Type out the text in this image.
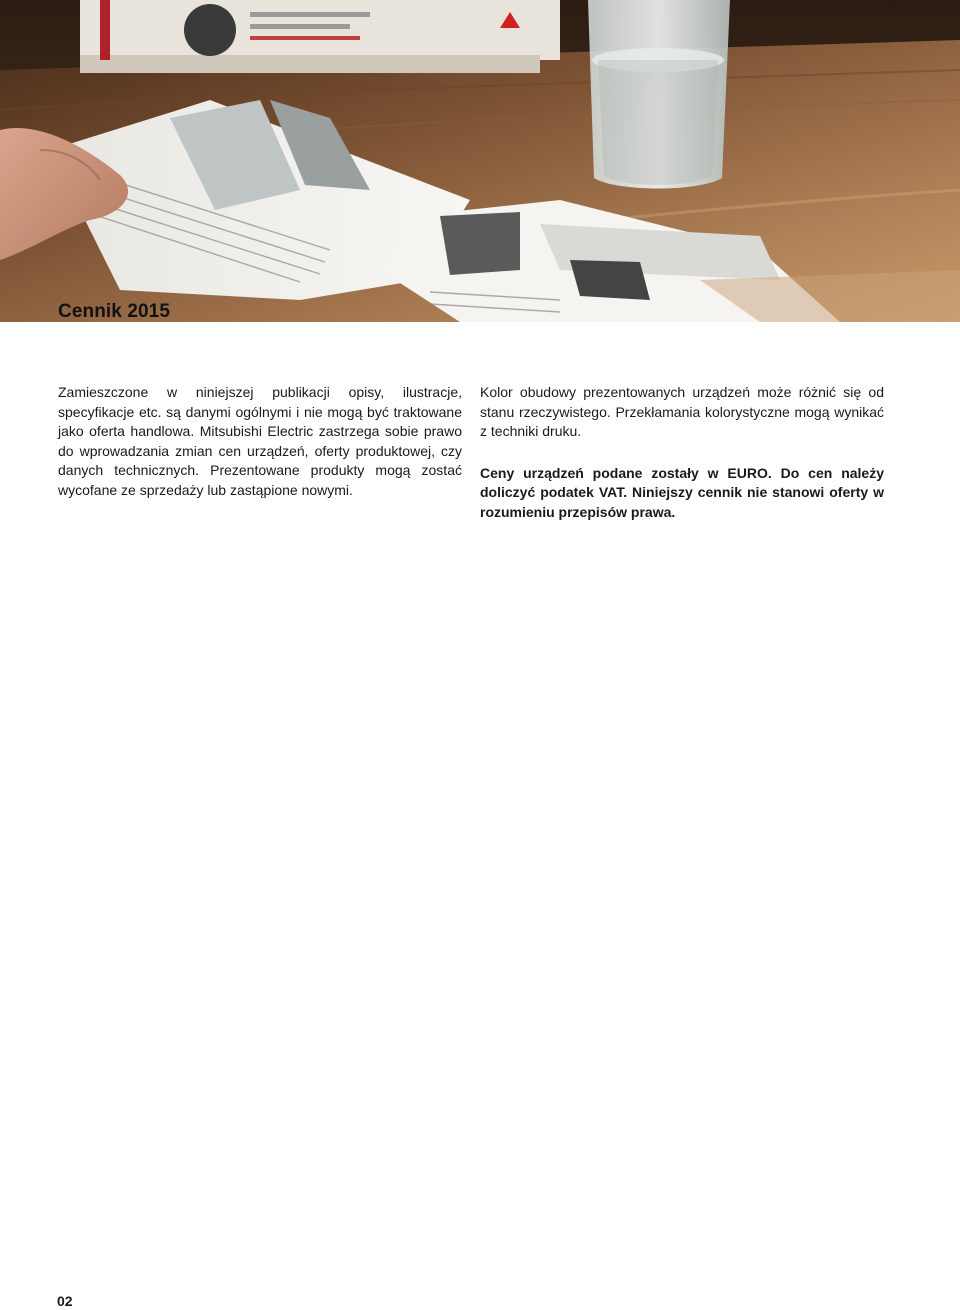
Cennik 2015

Zamieszczone w niniejszej publikacji opisy, ilustracje, specyfikacje etc. są danymi ogólnymi i nie mogą być traktowane jako oferta handlowa. Mitsubishi Electric zastrzega sobie prawo do wprowadzania zmian cen urządzeń, oferty produktowej, czy danych technicznych. Prezentowane produkty mogą zostać wycofane ze sprzedaży lub zastąpione nowymi.

Kolor obudowy prezentowanych urządzeń może różnić się od stanu rzeczywistego. Przekłamania kolorystyczne mogą wynikać z techniki druku.

Ceny urządzeń podane zostały w EURO. Do cen należy doliczyć podatek VAT. Niniejszy cennik nie stanowi oferty w rozumieniu przepisów prawa.

02
